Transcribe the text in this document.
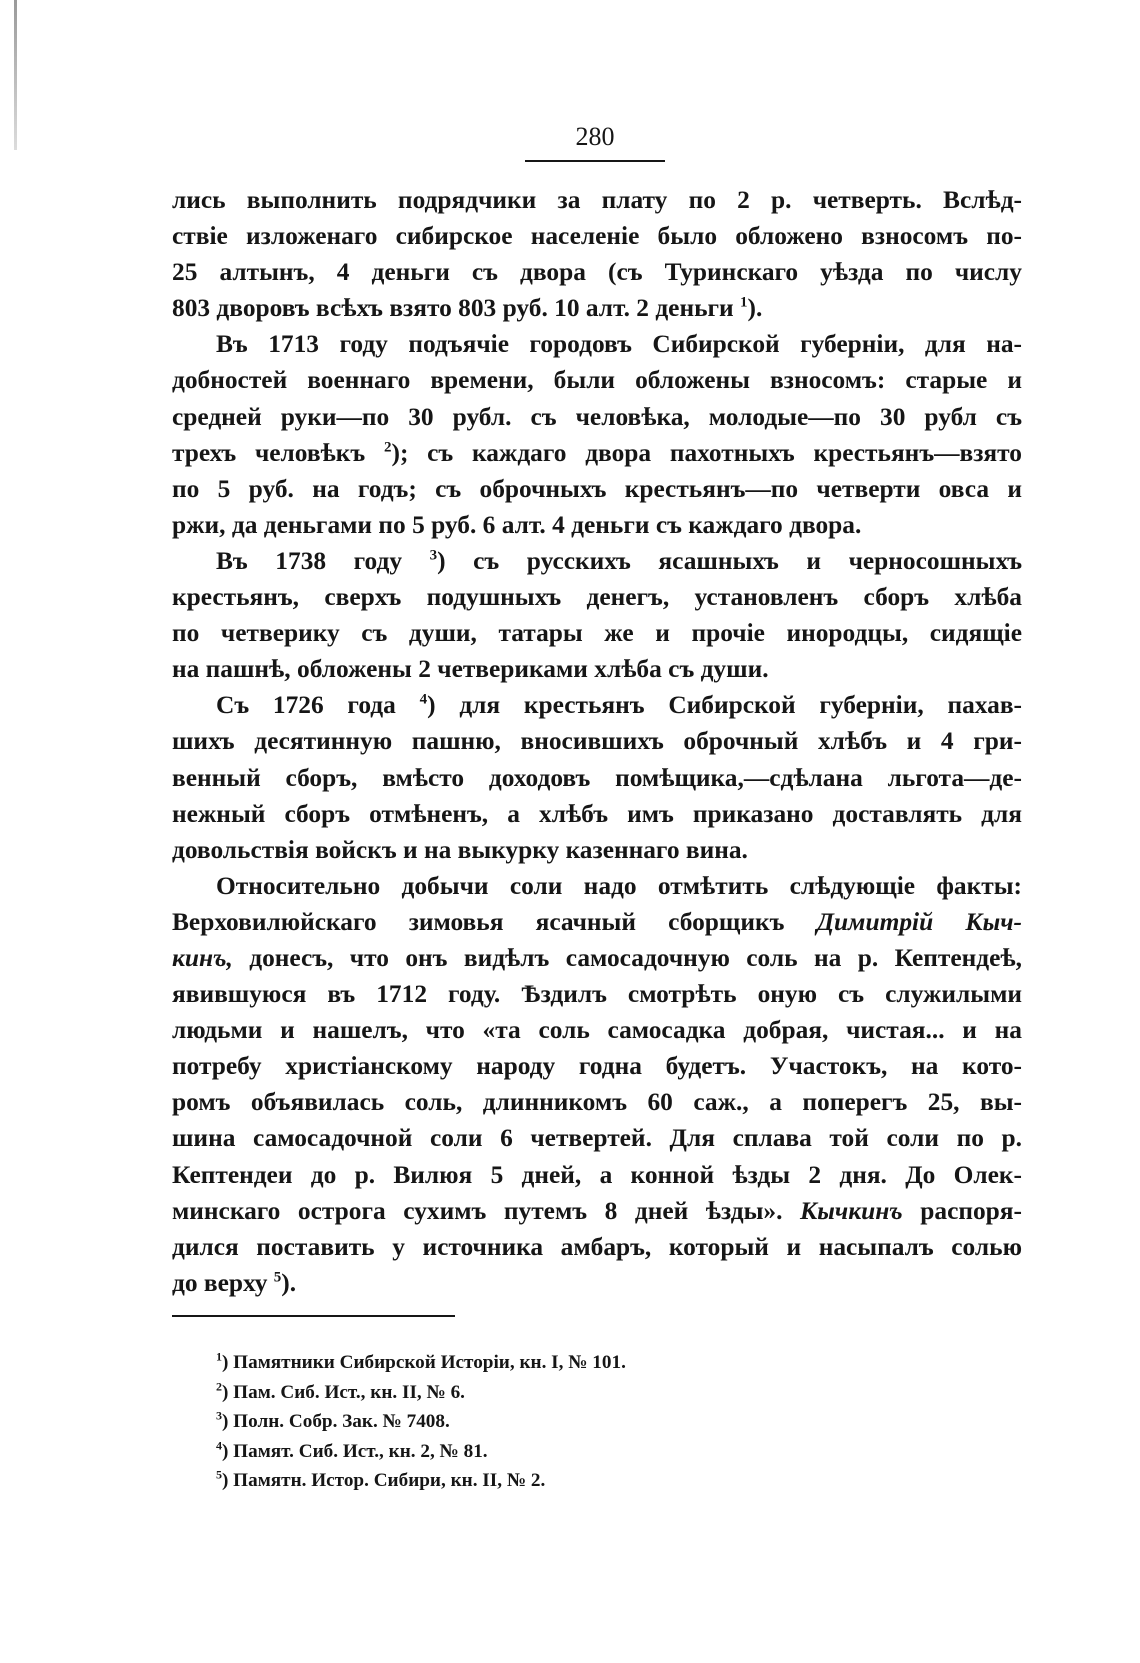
280
лись выполнить подрядчики за плату по 2 р. четверть. Вслѣд-
ствіе изложенаго сибирское населеніе было обложено взносомъ по-
25 алтынъ, 4 деньги съ двора (съ Туринскаго уѣзда по числу
803 дворовъ всѣхъ взято 803 руб. 10 алт. 2 деньги $^1$).
Въ 1713 году подъячіе городовъ Сибирской губерніи, для на-
добностей военнаго времени, были обложены взносомъ: старые и
средней руки—по 30 рубл. съ человѣка, молодые—по 30 рубл съ
трехъ человѣкъ $^2$); съ каждаго двора пахотныхъ крестьянъ—взято
по 5 руб. на годъ; съ оброчныхъ крестьянъ—по четверти овса и
ржи, да деньгами по 5 руб. 6 алт. 4 деньги съ каждаго двора.
Въ 1738 году $^3$) съ русскихъ ясашныхъ и черносошныхъ
крестьянъ, сверхъ подушныхъ денегъ, установленъ сборъ хлѣба
по четверику съ души, татары же и прочіе инородцы, сидящіе
на пашнѣ, обложены 2 четвериками хлѣба съ души.
Съ 1726 года $^4$) для крестьянъ Сибирской губерніи, пахав-
шихъ десятинную пашню, вносившихъ оброчный хлѣбъ и 4 гри-
венный сборъ, вмѣсто доходовъ помѣщика,—сдѣлана льгота—де-
нежный сборъ отмѣненъ, а хлѣбъ имъ приказано доставлять для
довольствія войскъ и на выкурку казеннаго вина.
Относительно добычи соли надо отмѣтить слѣдующіе факты:
Верховилюйскаго зимовья ясачный сборщикъ Димитрій Кыч-
кинъ, донесъ, что онъ видѣлъ самосадочную соль на р. Кептендеѣ,
явившуюся въ 1712 году. Ѣздилъ смотрѣть оную съ служилыми
людьми и нашелъ, что «та соль самосадка добрая, чистая... и на
потребу христіанскому народу годна будетъ. Участокъ, на кото-
ромъ объявилась соль, длинникомъ 60 саж., а поперегъ 25, вы-
шина самосадочной соли 6 четвертей. Для сплава той соли по р.
Кептендеи до р. Вилюя 5 дней, а конной ѣзды 2 дня. До Олек-
минскаго острога сухимъ путемъ 8 дней ѣзды». Кычкинъ распоря-
дился поставить у источника амбаръ, который и насыпалъ солью
до верху $^5$).
$^1$) Памятники Сибирской Исторіи, кн. I, № 101.
$^2$) Пам. Сиб. Ист., кн. II, № 6.
$^3$) Полн. Собр. Зак. № 7408.
$^4$) Памят. Сиб. Ист., кн. 2, № 81.
$^5$) Памятн. Истор. Сибири, кн. II, № 2.
